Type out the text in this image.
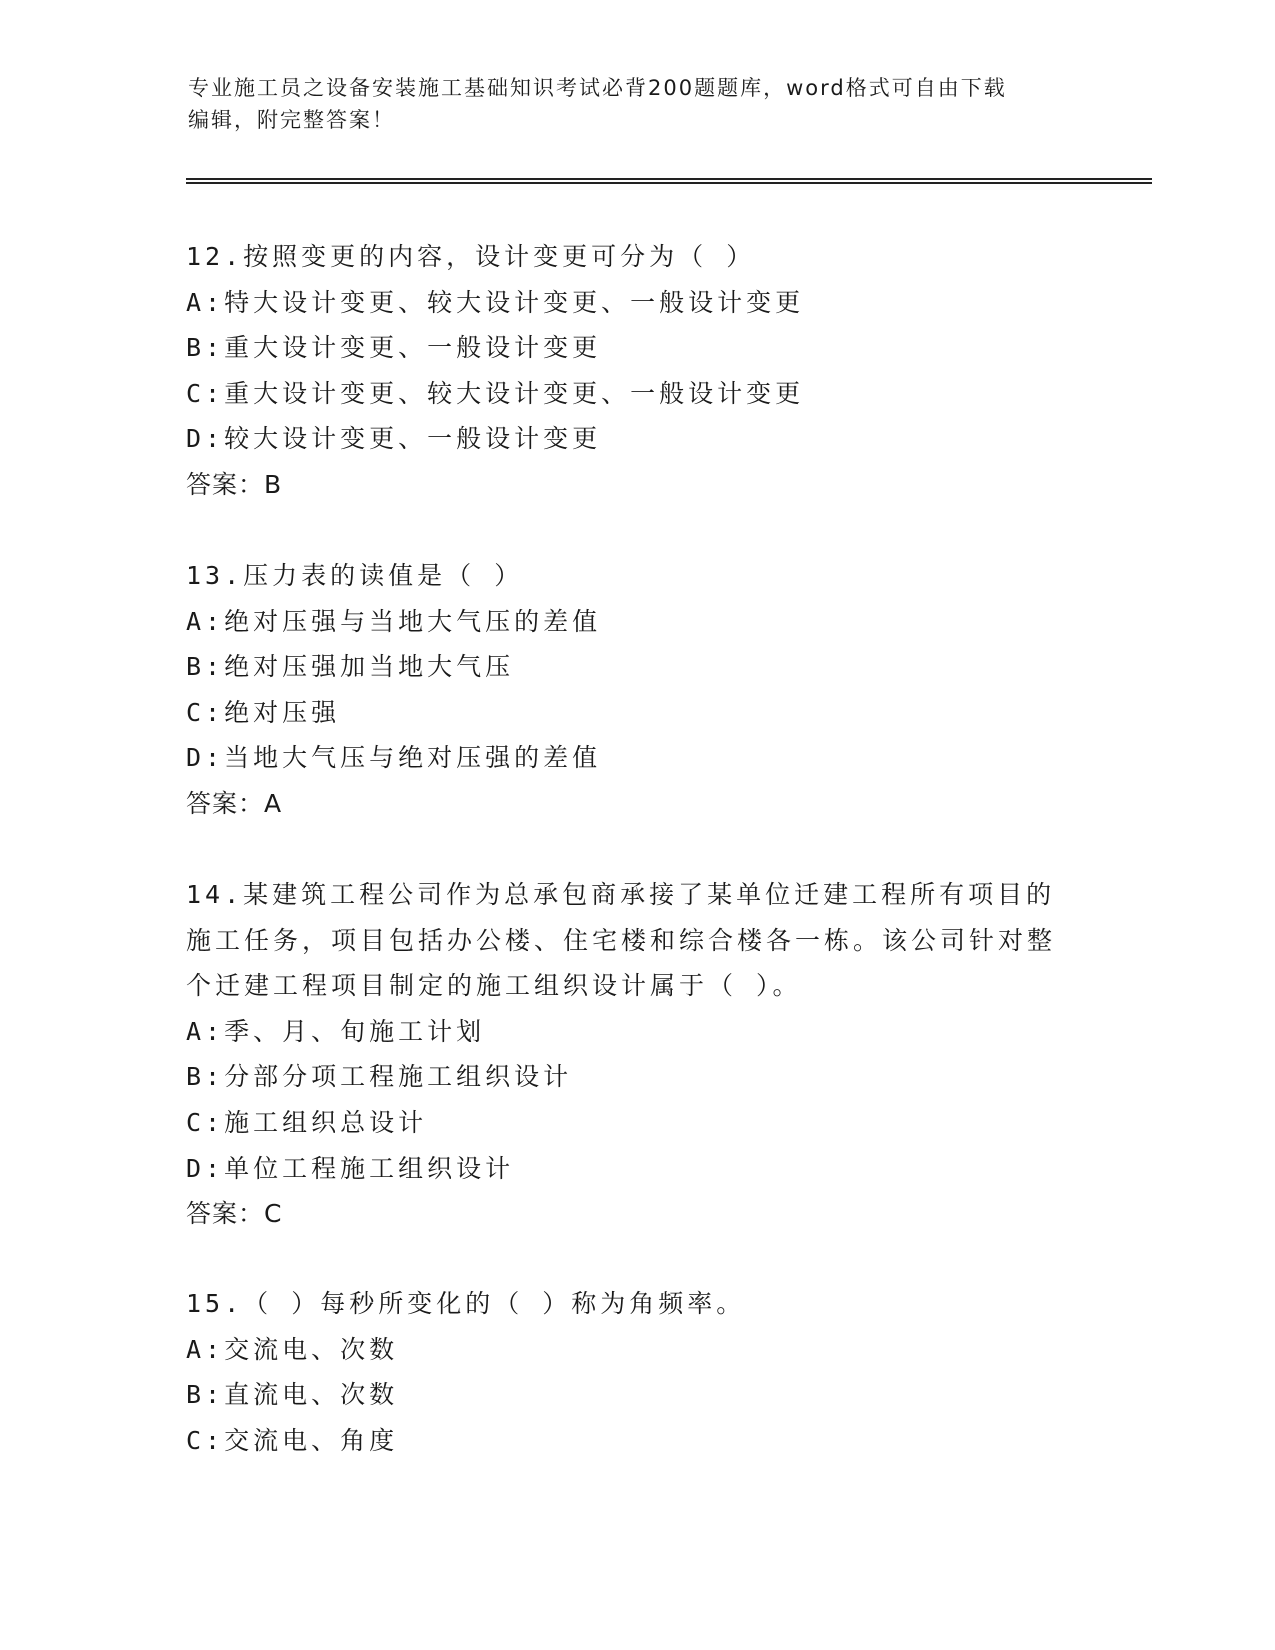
专业施工员之设备安装施工基础知识考试必背200题题库，word格式可自由下载
编辑，附完整答案！
12.按照变更的内容，设计变更可分为（ ）
A:特大设计变更、较大设计变更、一般设计变更
B:重大设计变更、一般设计变更
C:重大设计变更、较大设计变更、一般设计变更
D:较大设计变更、一般设计变更
答案：B
13.压力表的读值是（ ）
A:绝对压强与当地大气压的差值
B:绝对压强加当地大气压
C:绝对压强
D:当地大气压与绝对压强的差值
答案：A
14.某建筑工程公司作为总承包商承接了某单位迁建工程所有项目的施工任务，项目包括办公楼、住宅楼和综合楼各一栋。该公司针对整个迁建工程项目制定的施工组织设计属于（ ）。
A:季、月、旬施工计划
B:分部分项工程施工组织设计
C:施工组织总设计
D:单位工程施工组织设计
答案：C
15.（ ）每秒所变化的（ ）称为角频率。
A:交流电、次数
B:直流电、次数
C:交流电、角度
